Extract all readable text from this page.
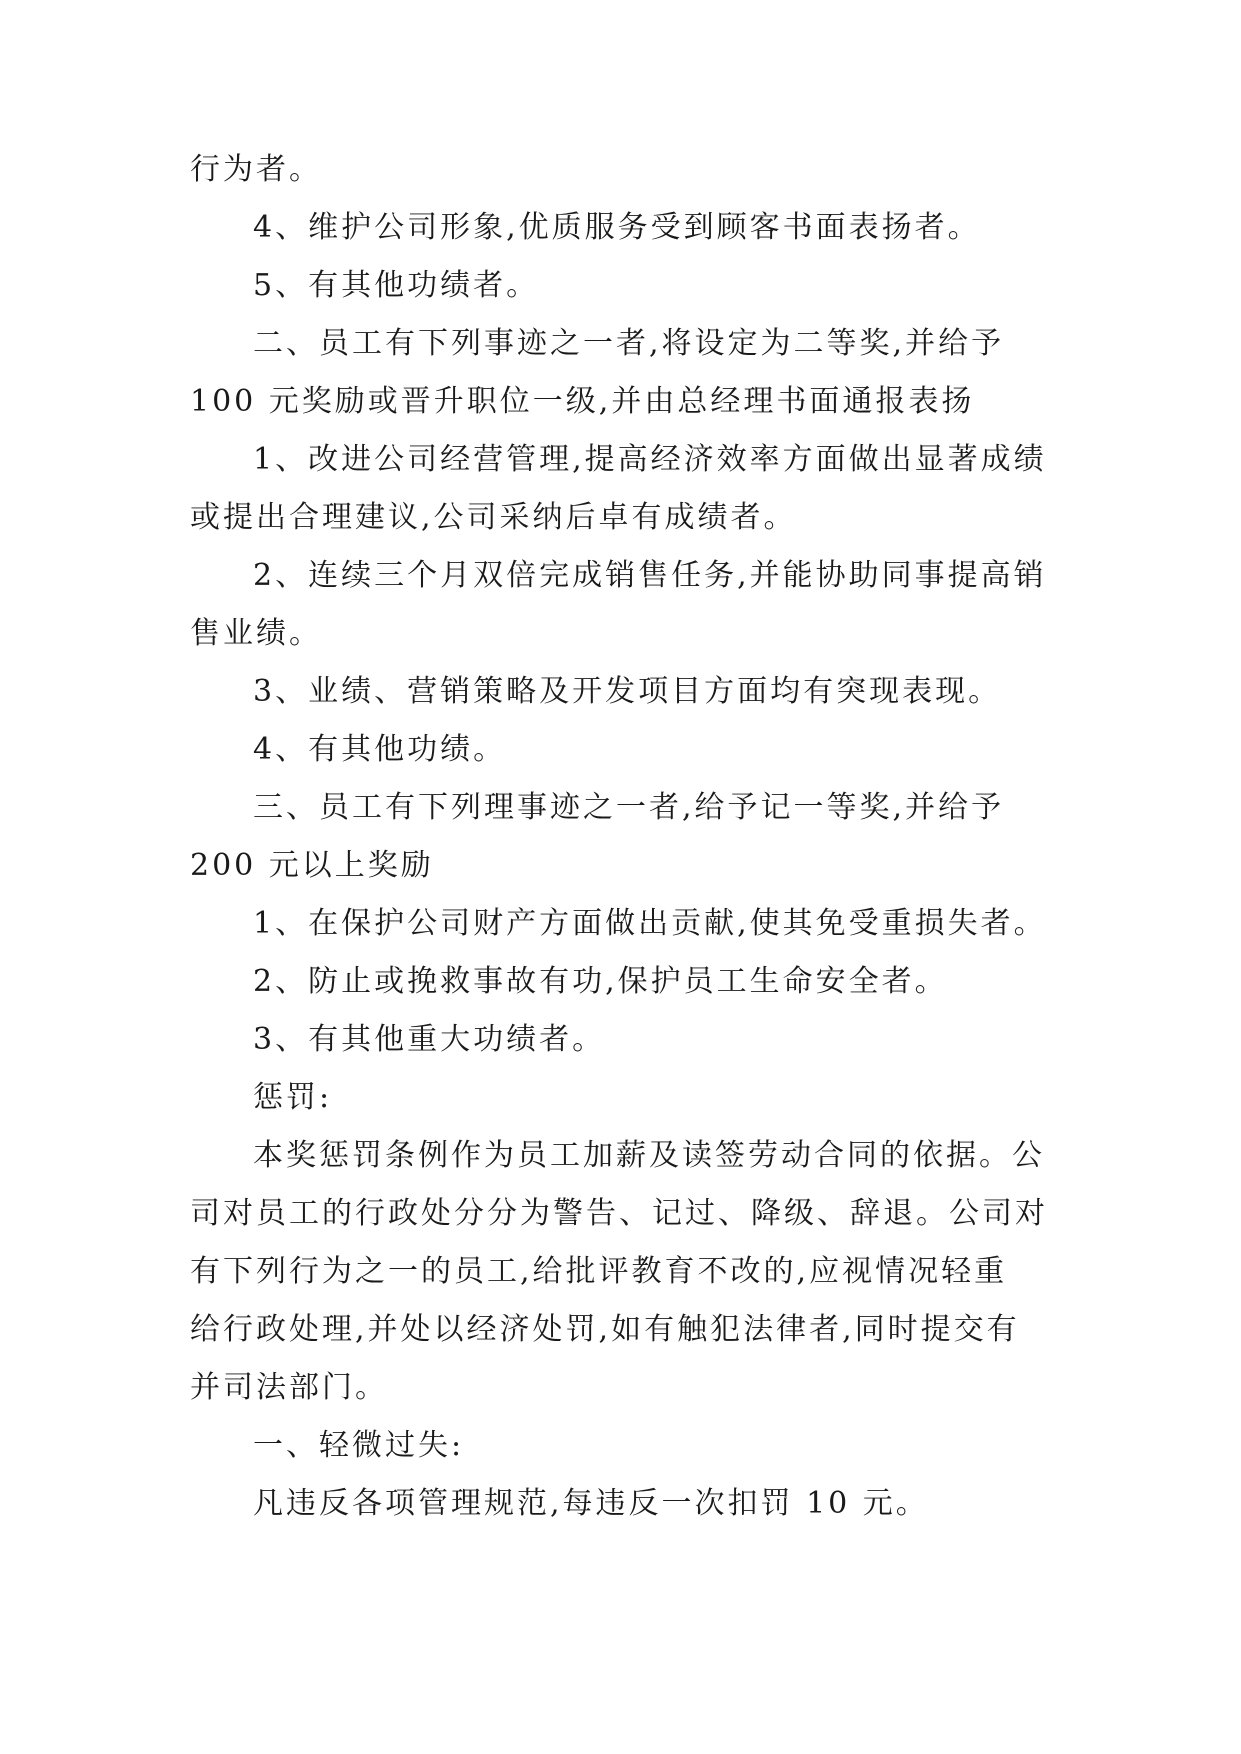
行为者。
4、维护公司形象,优质服务受到顾客书面表扬者。
5、有其他功绩者。
二、员工有下列事迹之一者,将设定为二等奖,并给予
100 元奖励或晋升职位一级,并由总经理书面通报表扬
1、改进公司经营管理,提高经济效率方面做出显著成绩
或提出合理建议,公司采纳后卓有成绩者。
2、连续三个月双倍完成销售任务,并能协助同事提高销
售业绩。
3、业绩、营销策略及开发项目方面均有突现表现。
4、有其他功绩。
三、员工有下列理事迹之一者,给予记一等奖,并给予
200 元以上奖励
1、在保护公司财产方面做出贡献,使其免受重损失者。
2、防止或挽救事故有功,保护员工生命安全者。
3、有其他重大功绩者。
惩罚:
本奖惩罚条例作为员工加薪及读签劳动合同的依据。公
司对员工的行政处分分为警告、记过、降级、辞退。公司对
有下列行为之一的员工,给批评教育不改的,应视情况轻重
给行政处理,并处以经济处罚,如有触犯法律者,同时提交有
并司法部门。
一、轻微过失:
凡违反各项管理规范,每违反一次扣罚 10 元。
